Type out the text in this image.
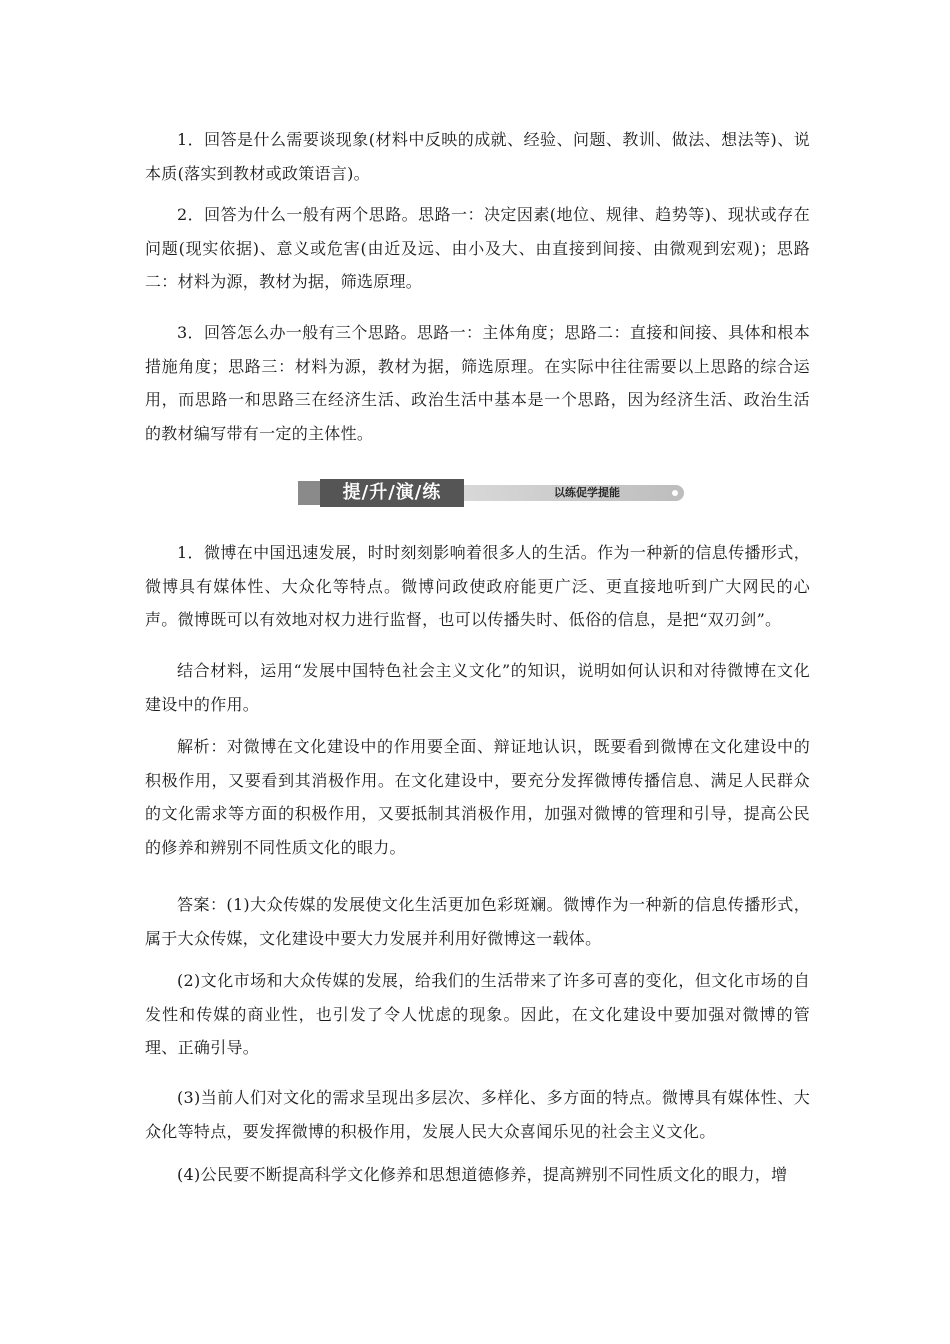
1．回答是什么需要谈现象(材料中反映的成就、经验、问题、教训、做法、想法等)、说本质(落实到教材或政策语言)。

2．回答为什么一般有两个思路。思路一：决定因素(地位、规律、趋势等)、现状或存在问题(现实依据)、意义或危害(由近及远、由小及大、由直接到间接、由微观到宏观)；思路二：材料为源，教材为据，筛选原理。

3．回答怎么办一般有三个思路。思路一：主体角度；思路二：直接和间接、具体和根本措施角度；思路三：材料为源，教材为据，筛选原理。在实际中往往需要以上思路的综合运用，而思路一和思路三在经济生活、政治生活中基本是一个思路，因为经济生活、政治生活的教材编写带有一定的主体性。

提/升/演/练	以练促学提能

1．微博在中国迅速发展，时时刻刻影响着很多人的生活。作为一种新的信息传播形式，微博具有媒体性、大众化等特点。微博问政使政府能更广泛、更直接地听到广大网民的心声。微博既可以有效地对权力进行监督，也可以传播失时、低俗的信息，是把“双刃剑”。

结合材料，运用“发展中国特色社会主义文化”的知识，说明如何认识和对待微博在文化建设中的作用。

解析：对微博在文化建设中的作用要全面、辩证地认识，既要看到微博在文化建设中的积极作用，又要看到其消极作用。在文化建设中，要充分发挥微博传播信息、满足人民群众的文化需求等方面的积极作用，又要抵制其消极作用，加强对微博的管理和引导，提高公民的修养和辨别不同性质文化的眼力。

答案：(1)大众传媒的发展使文化生活更加色彩斑斓。微博作为一种新的信息传播形式，属于大众传媒，文化建设中要大力发展并利用好微博这一载体。

(2)文化市场和大众传媒的发展，给我们的生活带来了许多可喜的变化，但文化市场的自发性和传媒的商业性，也引发了令人忧虑的现象。因此，在文化建设中要加强对微博的管理、正确引导。

(3)当前人们对文化的需求呈现出多层次、多样化、多方面的特点。微博具有媒体性、大众化等特点，要发挥微博的积极作用，发展人民大众喜闻乐见的社会主义文化。

(4)公民要不断提高科学文化修养和思想道德修养，提高辨别不同性质文化的眼力，增
